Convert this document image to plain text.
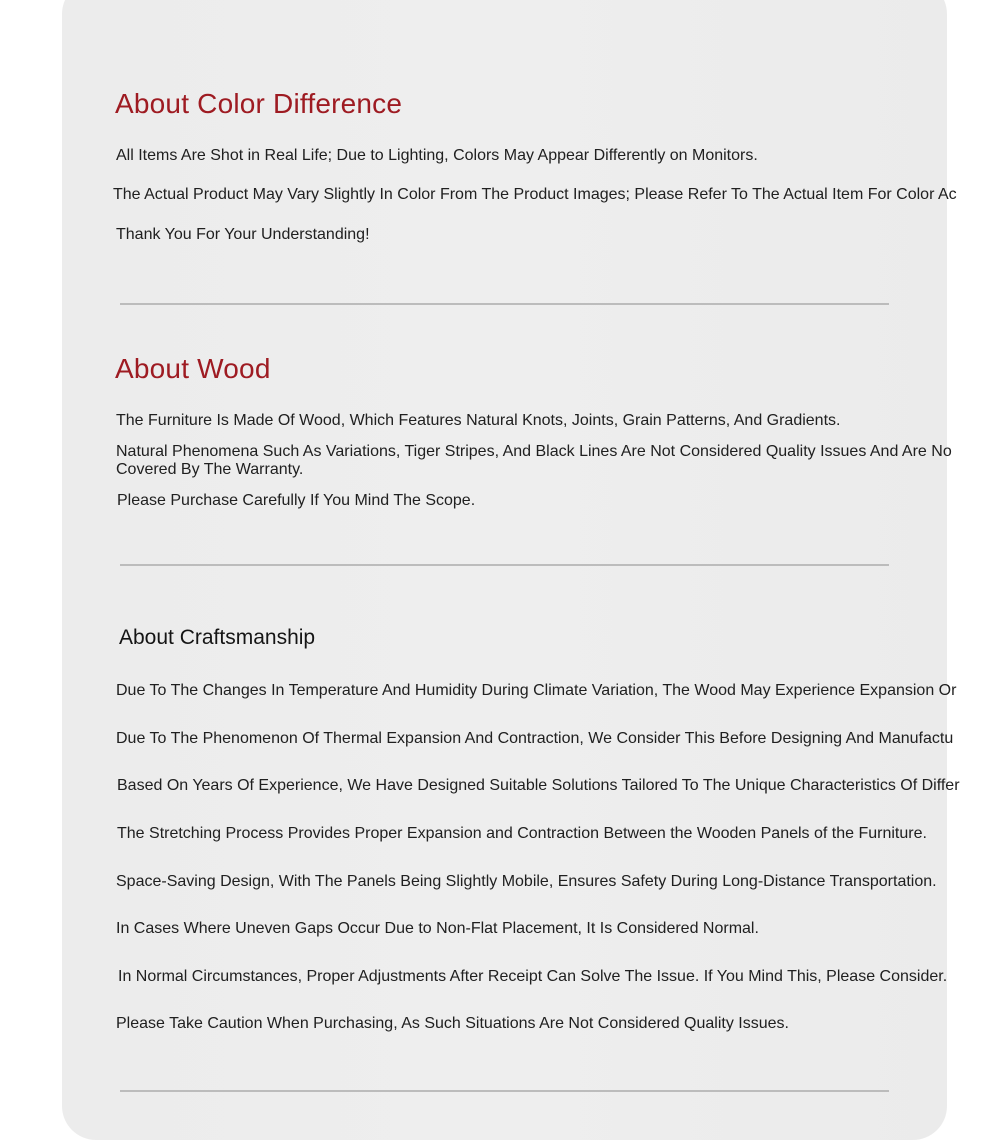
About Color Difference
All Items Are Shot in Real Life; Due to Lighting, Colors May Appear Differently on Monitors.
The Actual Product May Vary Slightly In Color From The Product Images; Please Refer To The Actual Item For Color Ac
Thank You For Your Understanding!
About Wood
The Furniture Is Made Of Wood, Which Features Natural Knots, Joints, Grain Patterns, And Gradients.
Natural Phenomena Such As Variations, Tiger Stripes, And Black Lines Are Not Considered Quality Issues And Are No
Covered By The Warranty.
Please Purchase Carefully If You Mind The Scope.
About Craftsmanship
Due To The Changes In Temperature And Humidity During Climate Variation, The Wood May Experience Expansion Or
Due To The Phenomenon Of Thermal Expansion And Contraction, We Consider This Before Designing And Manufactu
Based On Years Of Experience, We Have Designed Suitable Solutions Tailored To The Unique Characteristics Of Differ
The Stretching Process Provides Proper Expansion and Contraction Between the Wooden Panels of the Furniture.
Space-Saving Design, With The Panels Being Slightly Mobile, Ensures Safety During Long-Distance Transportation.
In Cases Where Uneven Gaps Occur Due to Non-Flat Placement, It Is Considered Normal.
In Normal Circumstances, Proper Adjustments After Receipt Can Solve The Issue. If You Mind This, Please Consider.
Please Take Caution When Purchasing, As Such Situations Are Not Considered Quality Issues.
